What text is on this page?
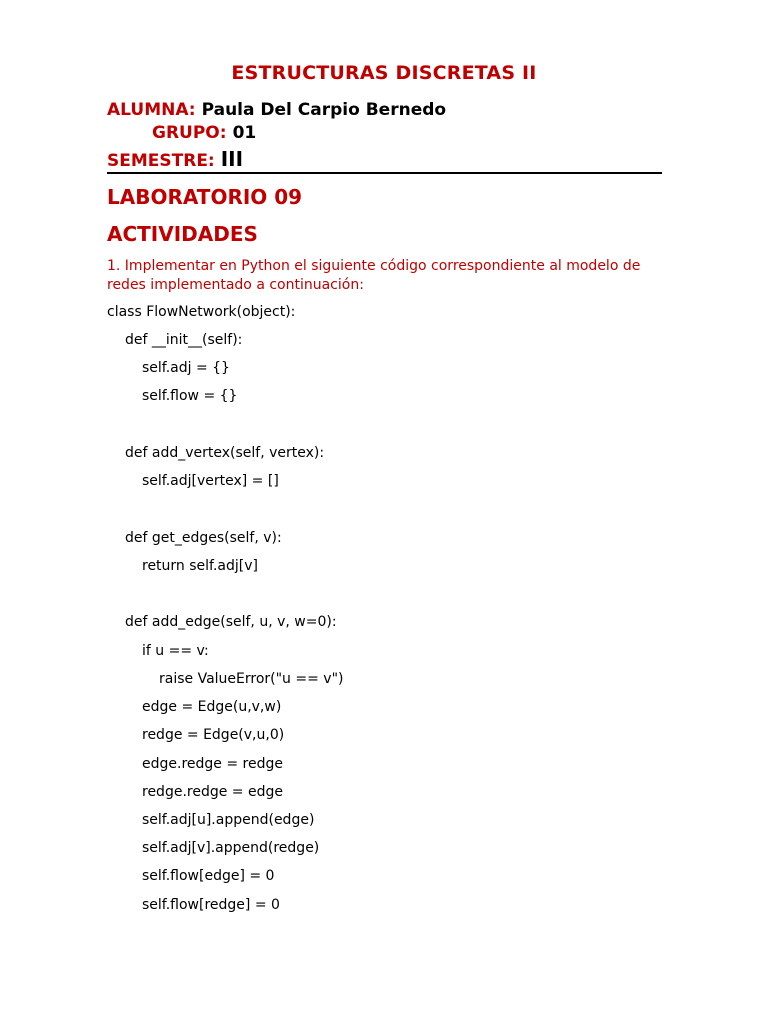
ESTRUCTURAS DISCRETAS II
ALUMNA: Paula Del Carpio Bernedo
GRUPO: 01
SEMESTRE: III
LABORATORIO 09
ACTIVIDADES
1. Implementar en Python el siguiente código correspondiente al modelo de redes implementado a continuación:
class FlowNetwork(object):
def __init__(self):
self.adj = {}
self.flow = {}
def add_vertex(self, vertex):
self.adj[vertex] = []
def get_edges(self, v):
return self.adj[v]
def add_edge(self, u, v, w=0):
if u == v:
raise ValueError("u == v")
edge = Edge(u,v,w)
redge = Edge(v,u,0)
edge.redge = redge
redge.redge = edge
self.adj[u].append(edge)
self.adj[v].append(redge)
self.flow[edge] = 0
self.flow[redge] = 0
